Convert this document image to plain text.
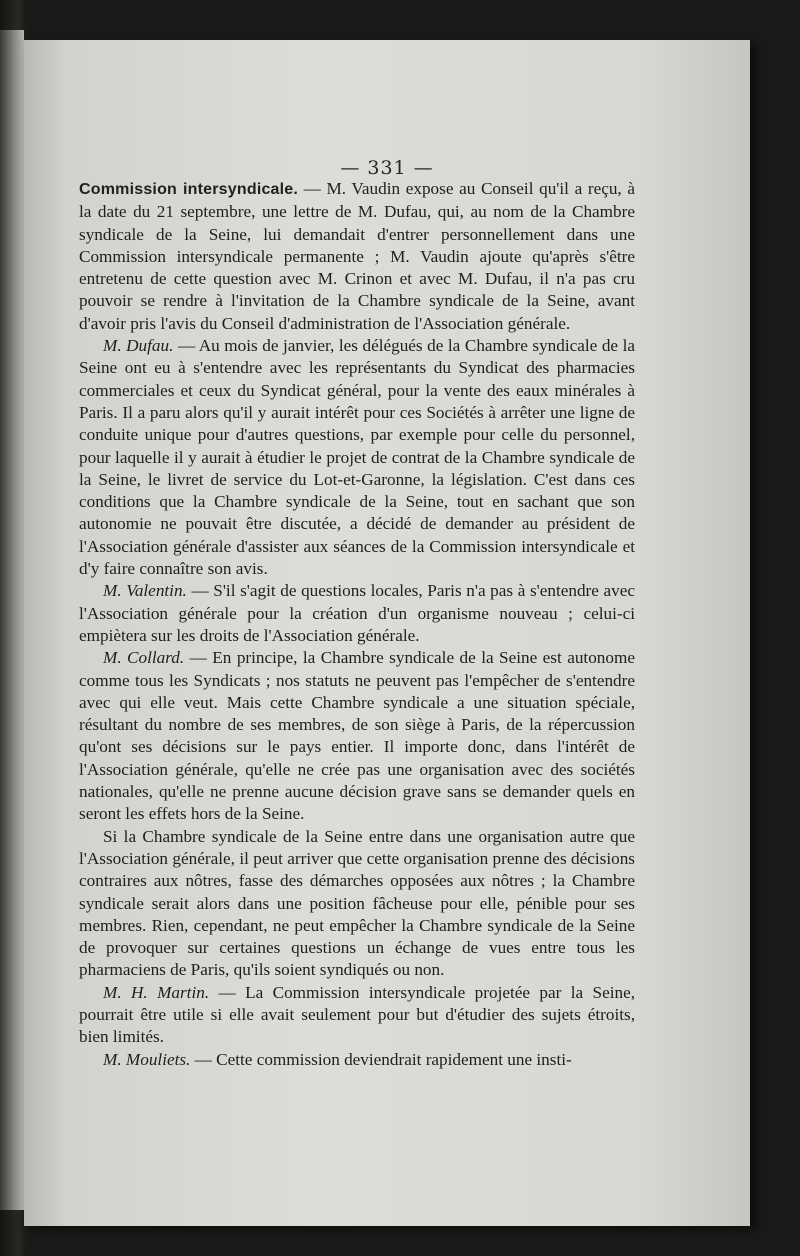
— 331 —

Commission intersyndicale. — M. Vaudin expose au Conseil qu'il a reçu, à la date du 21 septembre, une lettre de M. Dufau, qui, au nom de la Chambre syndicale de la Seine, lui demandait d'entrer personnellement dans une Commission intersyndicale permanente ; M. Vaudin ajoute qu'après s'être entretenu de cette question avec M. Crinon et avec M. Dufau, il n'a pas cru pouvoir se rendre à l'invitation de la Chambre syndicale de la Seine, avant d'avoir pris l'avis du Conseil d'administration de l'Association générale.

M. Dufau. — Au mois de janvier, les délégués de la Chambre syndicale de la Seine ont eu à s'entendre avec les représentants du Syndicat des pharmacies commerciales et ceux du Syndicat général, pour la vente des eaux minérales à Paris. Il a paru alors qu'il y aurait intérêt pour ces Sociétés à arrêter une ligne de conduite unique pour d'autres questions, par exemple pour celle du personnel, pour laquelle il y aurait à étudier le projet de contrat de la Chambre syndicale de la Seine, le livret de service du Lot-et-Garonne, la législation. C'est dans ces conditions que la Chambre syndicale de la Seine, tout en sachant que son autonomie ne pouvait être discutée, a décidé de demander au président de l'Association générale d'assister aux séances de la Commission intersyndicale et d'y faire connaître son avis.

M. Valentin. — S'il s'agit de questions locales, Paris n'a pas à s'entendre avec l'Association générale pour la création d'un organisme nouveau ; celui-ci empiètera sur les droits de l'Association générale.

M. Collard. — En principe, la Chambre syndicale de la Seine est autonome comme tous les Syndicats ; nos statuts ne peuvent pas l'empêcher de s'entendre avec qui elle veut. Mais cette Chambre syndicale a une situation spéciale, résultant du nombre de ses membres, de son siège à Paris, de la répercussion qu'ont ses décisions sur le pays entier. Il importe donc, dans l'intérêt de l'Association générale, qu'elle ne crée pas une organisation avec des sociétés nationales, qu'elle ne prenne aucune décision grave sans se demander quels en seront les effets hors de la Seine.

Si la Chambre syndicale de la Seine entre dans une organisation autre que l'Association générale, il peut arriver que cette organisation prenne des décisions contraires aux nôtres, fasse des démarches opposées aux nôtres ; la Chambre syndicale serait alors dans une position fâcheuse pour elle, pénible pour ses membres. Rien, cependant, ne peut empêcher la Chambre syndicale de la Seine de provoquer sur certaines questions un échange de vues entre tous les pharmaciens de Paris, qu'ils soient syndiqués ou non.

M. H. Martin. — La Commission intersyndicale projetée par la Seine, pourrait être utile si elle avait seulement pour but d'étudier des sujets étroits, bien limités.

M. Mouliets. — Cette commission deviendrait rapidement une insti-
